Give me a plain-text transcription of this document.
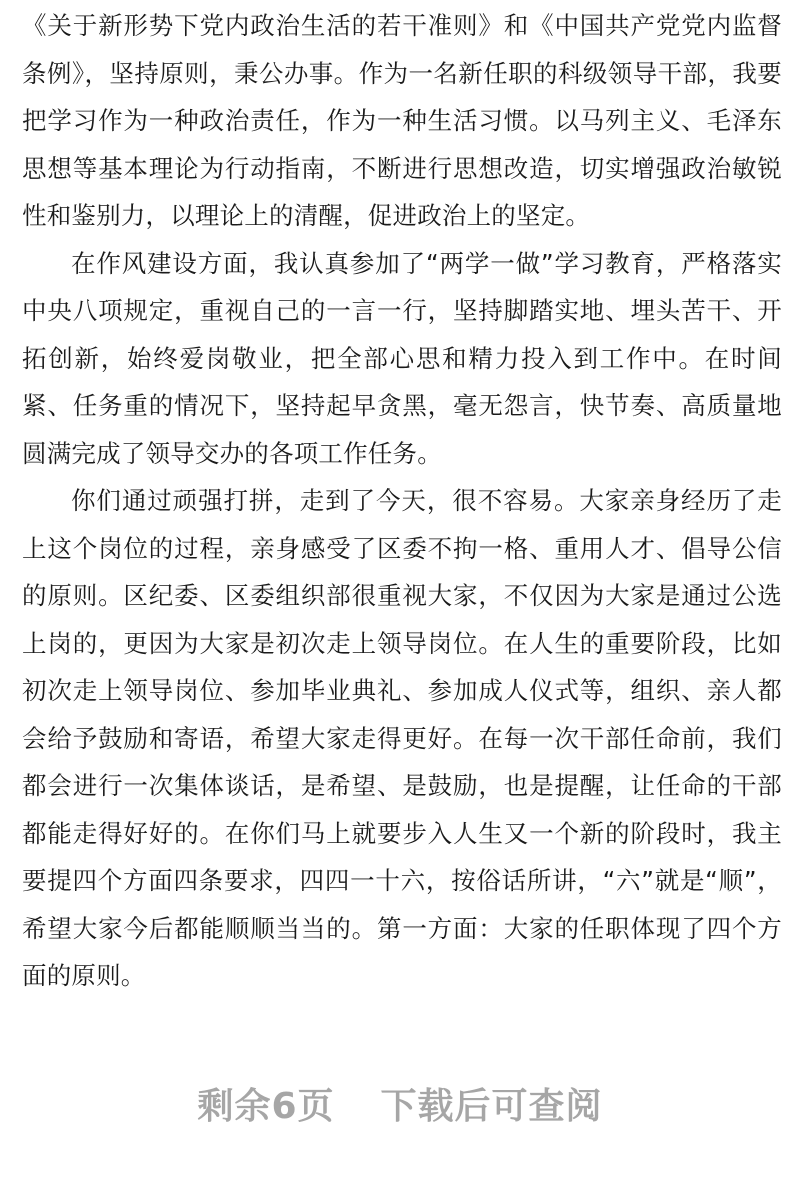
《关于新形势下党内政治生活的若干准则》和《中国共产党党内监督条例》，坚持原则，秉公办事。作为一名新任职的科级领导干部，我要把学习作为一种政治责任，作为一种生活习惯。以马列主义、毛泽东思想等基本理论为行动指南，不断进行思想改造，切实增强政治敏锐性和鉴别力，以理论上的清醒，促进政治上的坚定。

在作风建设方面，我认真参加了“两学一做”学习教育，严格落实中央八项规定，重视自己的一言一行，坚持脚踏实地、埋头苦干、开拓创新，始终爱岗敬业，把全部心思和精力投入到工作中。在时间紧、任务重的情况下，坚持起早贪黑，毫无怨言，快节奏、高质量地圆满完成了领导交办的各项工作任务。

你们通过顽强打拼，走到了今天，很不容易。大家亲身经历了走上这个岗位的过程，亲身感受了区委不拘一格、重用人才、倡导公信的原则。区纪委、区委组织部很重视大家，不仅因为大家是通过公选上岗的，更因为大家是初次走上领导岗位。在人生的重要阶段，比如初次走上领导岗位、参加毕业典礼、参加成人仪式等，组织、亲人都会给予鼓励和寄语，希望大家走得更好。在每一次干部任命前，我们都会进行一次集体谈话，是希望、是鼓励，也是提醒，让任命的干部都能走得好好的。在你们马上就要步入人生又一个新的阶段时，我主要提四个方面四条要求，四四一十六，按俗话所讲，“六”就是“顺”，希望大家今后都能顺顺当当的。第一方面：大家的任职体现了四个方面的原则。

剩余6页 下载后可查阅
